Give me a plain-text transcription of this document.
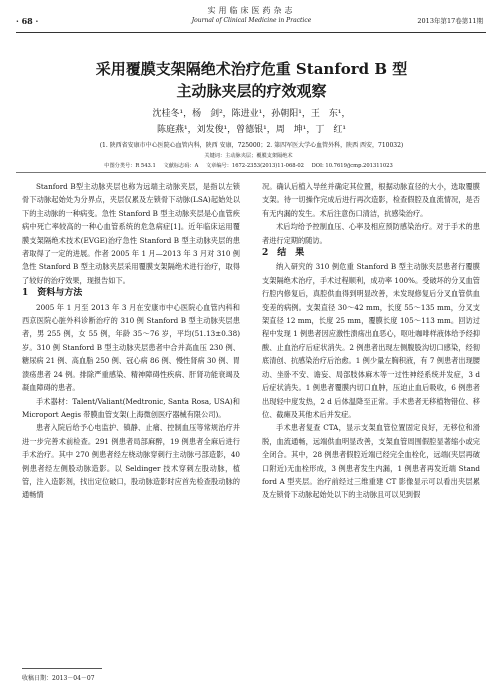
· 68 ·
实用临床医药杂志
Journal of Clinical Medicine in Practice	2013年第17卷第11期
采用覆膜支架隔绝术治疗危重 Stanford B 型
主动脉夹层的疗效观察
沈桂冬¹，杨　剑²，陈进业¹，孙朝阳¹，王　东¹，
陈庭燕¹，刘发俊¹，曾德银¹，周　坤¹，丁　红¹
(1. 陕西省安康市中心医院心血管内科，陕西 安康，725000；2. 第四军医大学心血管外科，陕西 西安，710032)
关键词：主动脉夹层；覆膜支架隔绝术
中图分类号：R 543.1 文献标志码：A 文章编号：1672-2353(2013)11-068-02 DOI: 10.7619/jcmp.201311023

Stanford B型主动脉夹层也称为远端主动脉夹层，是指以左锁骨下动脉起始处为分界点，夹层仅累及左锁骨下动脉(LSA)起始处以下的主动脉的一种病变。急性 Stanford B 型主动脉夹层是心血管疾病中死亡率较高的一种心血管系统的危急病症[1]。近年临床运用覆膜支架隔绝术技术(EVGE)治疗急性 Stanford B 型主动脉夹层的患者取得了一定的进展。作者 2005 年 1 月—2013 年 3 月对 310 例急性 Stanford B 型主动脉夹层采用覆膜支架隔绝术进行治疗，取得了较好的治疗效果，现报告如下。

1　资料与方法

2005 年 1 月至 2013 年 3 月在安康市中心医院心血管内科和西京医院心脏外科诊断治疗的 310 例 Stanford B 型主动脉夹层患者，男 255 例，女 55 例，年龄 35～76 岁，平均(51.13±0.38)岁。310 例 Stanford B 型主动脉夹层患者中合并高血压 230 例、糖尿病 21 例、高血脂 250 例、冠心病 86 例、慢性肾病 30 例、胃溃疡患者 24 例。排除严重感染、精神障碍性疾病、肝肾功能衰竭及凝血障碍的患者。

手术器材：Talent/Valiant(Medtronic, Santa Rosa, USA)和 Microport Aegis 带膜血管支架(上海微创医疗器械有限公司)。

患者入院后给予心电监护、镇静、止痛、控制血压等常规治疗并进一步完善术前检查。291 例患者局部麻醉，19 例患者全麻后进行手术治疗。其中 270 例患者经左桡动脉穿刺行主动脉弓部造影，40 例患者经左侧股动脉造影。以 Seldinger 技术穿刺左股动脉，植管，注入造影剂，找出定位破口，股动脉造影时应首先检查股动脉的通畅情

况。确认后植入导丝并确定其位置，根据动脉直径的大小，选取覆膜支架。待一切操作完成后进行再次造影，检查假腔及血流情况，是否有无内漏的发生。术后注意伤口清洁，抗感染治疗。

术后均给予控制血压、心率及相应预防感染治疗。对于手术的患者进行定期的随访。

2　结　果

纳入研究的 310 例危重 Stanford B 型主动脉夹层患者行覆膜支架隔绝术治疗，手术过程顺利，成功率 100%。受破坏的分叉血管行腔内修复后，真腔供血得到明显改善，未发现修复后分叉血管供血变差的病例。支架直径 30～42 mm，长度 55～135 mm，分叉支架直径 12 mm，长度 25 mm，覆膜长度 105～113 mm。回访过程中发现 1 例患者因应激性溃疡出血恶心，呕吐咖啡样液体给予经抑酸、止血治疗后症状消失。2 例患者出现左侧腹股沟切口感染，经彻底清创、抗感染治疗后治愈。1 例少量左胸积液，有 7 例患者出现腰动、坐卧不安、谵妄、局部肢体麻木等一过性神经系统并发症，3 d 后症状消失。1 例患者覆膜内切口血肿，压迫止血后吸收，6 例患者出现轻中度发热，2 d 后体温降至正常。手术患者无移植物错位、移位、截瘫及其他术后并发症。

手术患者复查 CTA，显示支架血管位置固定良好，无移位和滑脱，血流通畅，远端供血明显改善，支架血管周围假腔显著缩小或完全闭合。其中，28 例患者假腔近端已经完全血栓化，远端(夹层再破口附近)无血栓形成，3 例患者发生内漏，1 例患者再发近端 Stand ford A 型夹层。治疗前经过三维重建 CT 影像显示可以看出夹层累及左锁骨下动脉起始处以下的主动脉且可以见到假

收稿日期：2013－04－07
